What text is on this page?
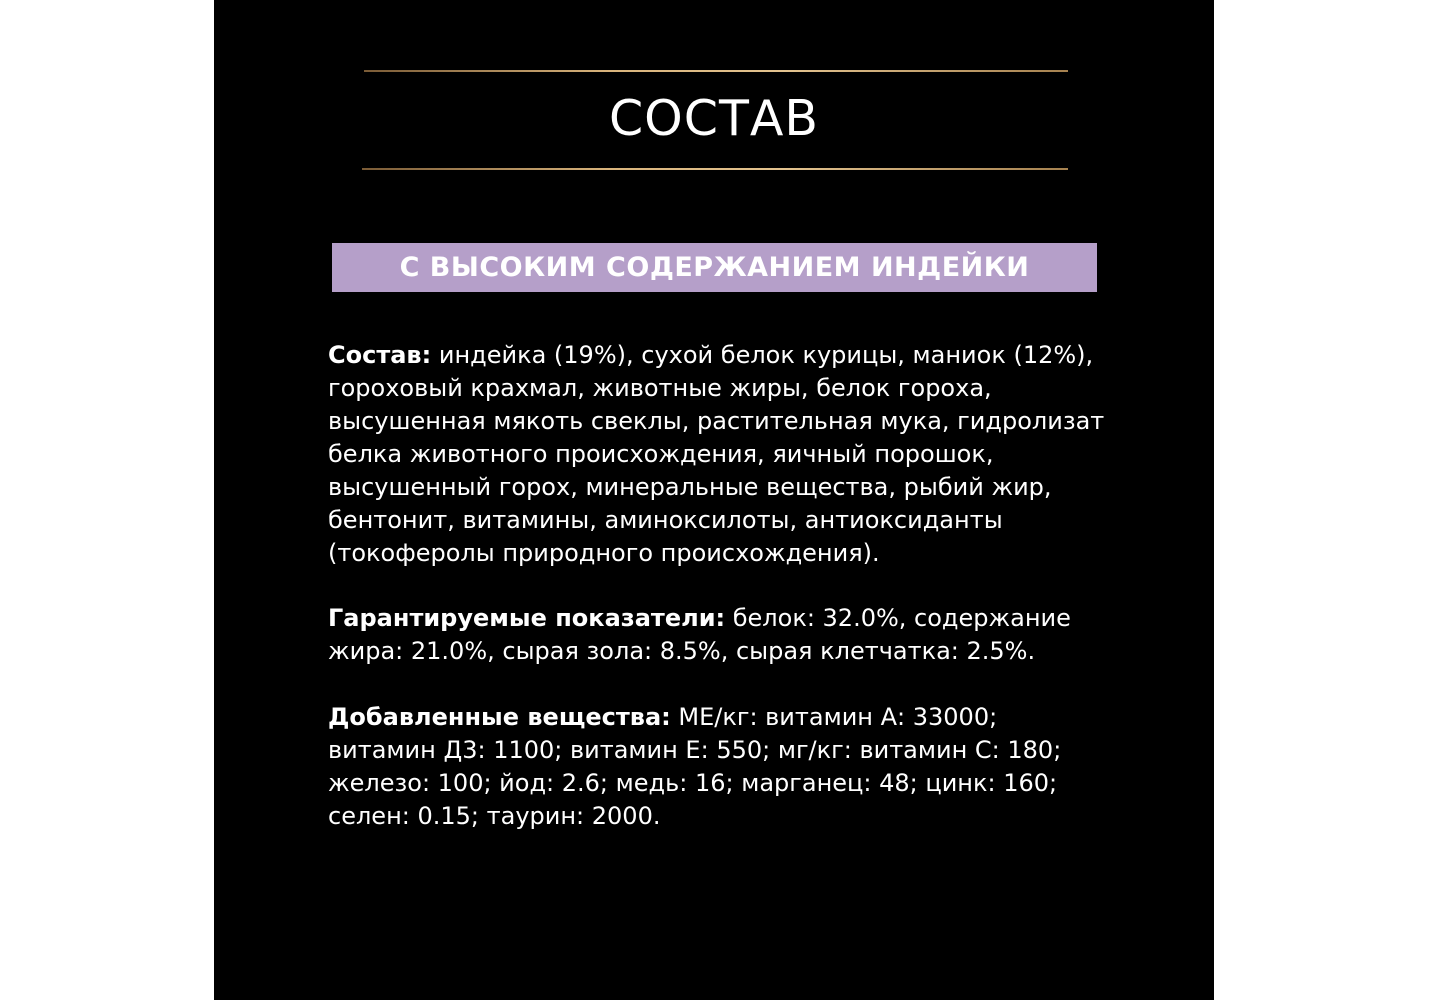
СОСТАВ
С ВЫСОКИМ СОДЕРЖАНИЕМ ИНДЕЙКИ

Состав: индейка (19%), сухой белок курицы, маниок (12%), гороховый крахмал, животные жиры, белок гороха, высушенная мякоть свеклы, растительная мука, гидролизат белка животного происхождения, яичный порошок, высушенный горох, минеральные вещества, рыбий жир, бентонит, витамины, аминоксилоты, антиоксиданты (токоферолы природного происхождения).

Гарантируемые показатели: белок: 32.0%, содержание жира: 21.0%, сырая зола: 8.5%, сырая клетчатка: 2.5%.

Добавленные вещества: МЕ/кг: витамин А: 33000; витамин Д3: 1100; витамин Е: 550; мг/кг: витамин С: 180; железо: 100; йод: 2.6; медь: 16; марганец: 48; цинк: 160; селен: 0.15; таурин: 2000.
